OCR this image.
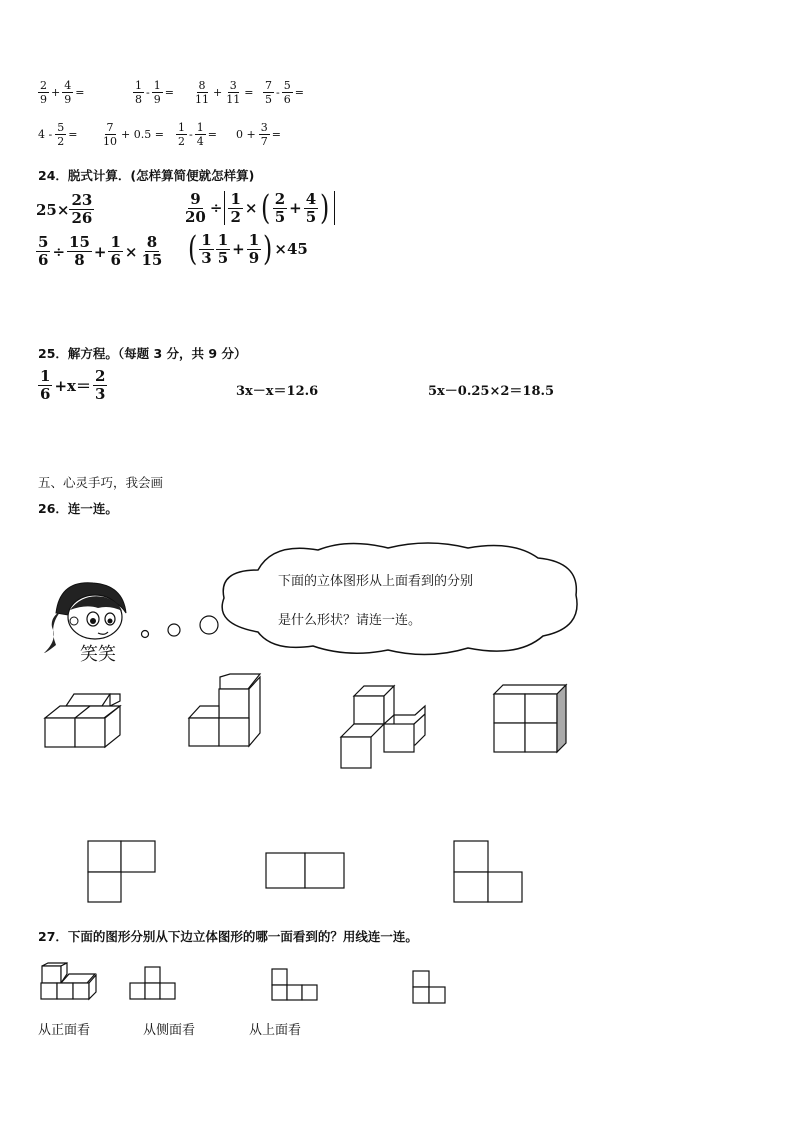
2
9
+ $\frac{4}{9}$ =
1
8
- $\frac{1}{9}$ =
8
11
+ $\frac{3}{11}$ =
7
5
- $\frac{5}{6}$ =
$4 - \frac{5}{2}$ =
7
10
+ 0.5 =
1
2
- $\frac{1}{4} = 0 + \frac{3}{7}$ =
24．脱式计算．(怎样算简便就怎样算)
$25\times \frac{23}{26}$	$\frac{9}{20} \div \frac{1}{2}$ × ( 2
$5 + \frac{4}{5}$ )
$\frac{5}{6} \div \frac{15}{8} + \frac{1}{6} \times \frac{8}{15}$ ( 1
3
1
$5 + \frac{1}{9}$ ) ×45
25．解方程。（每题 3 分，共 9 分）
1
6 +x＝
2
3	3x－x＝12.6	5x－0.25×2＝18.5
五、心灵手巧，我会画
26．连一连。
笑笑
下面的立体图形从上面看到的分别
是什么形状？请连一连。
27．下面的图形分别从下边立体图形的哪一面看到的？用线连一连。
从正面看	从侧面看	从上面看
